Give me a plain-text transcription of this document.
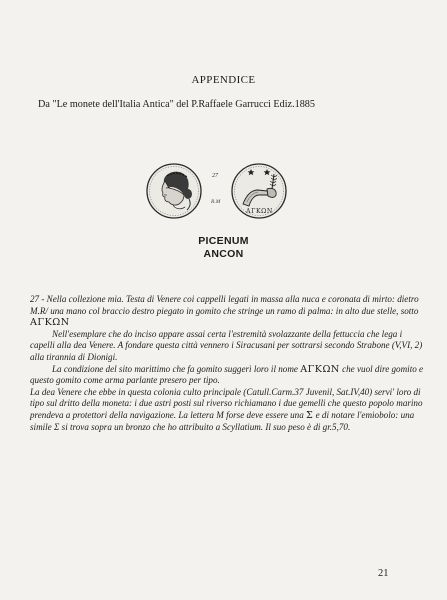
APPENDICE
Da "Le monete dell'Italia Antica" del P.Raffaele Garrucci Ediz.1885
27
R.M
ΑΓΚΩΝ
PICENUM
ANCON

27 - Nella collezione mia. Testa di Venere coi cappelli legati in massa alla nuca e coronata di mirto: dietro M.R/ una mano col braccio destro piegato in gomito che stringe un ramo di palma: in alto due stelle, sotto ΑΓΚΩΝ

Nell'esemplare che do inciso appare assai certa l'estremità svolazzante della fettuccia che lega i capelli alla dea Venere. A fondare questa città vennero i Siracusani per sottrarsi secondo Strabone (V,VI, 2) alla tirannia di Dionigi.

La condizione del sito marittimo che fa gomito suggerì loro il nome ΑΓΚΩΝ che vuol dire gomito e questo gomito come arma parlante presero per tipo.

La dea Venere che ebbe in questa colonia culto principale (Catull.Carm.37 Juvenil, Sat.IV,40) servi' loro di tipo sul dritto della moneta: i due astri posti sul riverso richiamano i due gemelli che questo popolo marino prendeva a protettori della navigazione. La lettera M forse deve essere una Σ e di notare l'emiobolo: una simile Σ si trova sopra un bronzo che ho attribuito a Scyllatium. Il suo peso è di gr.5,70.

21
